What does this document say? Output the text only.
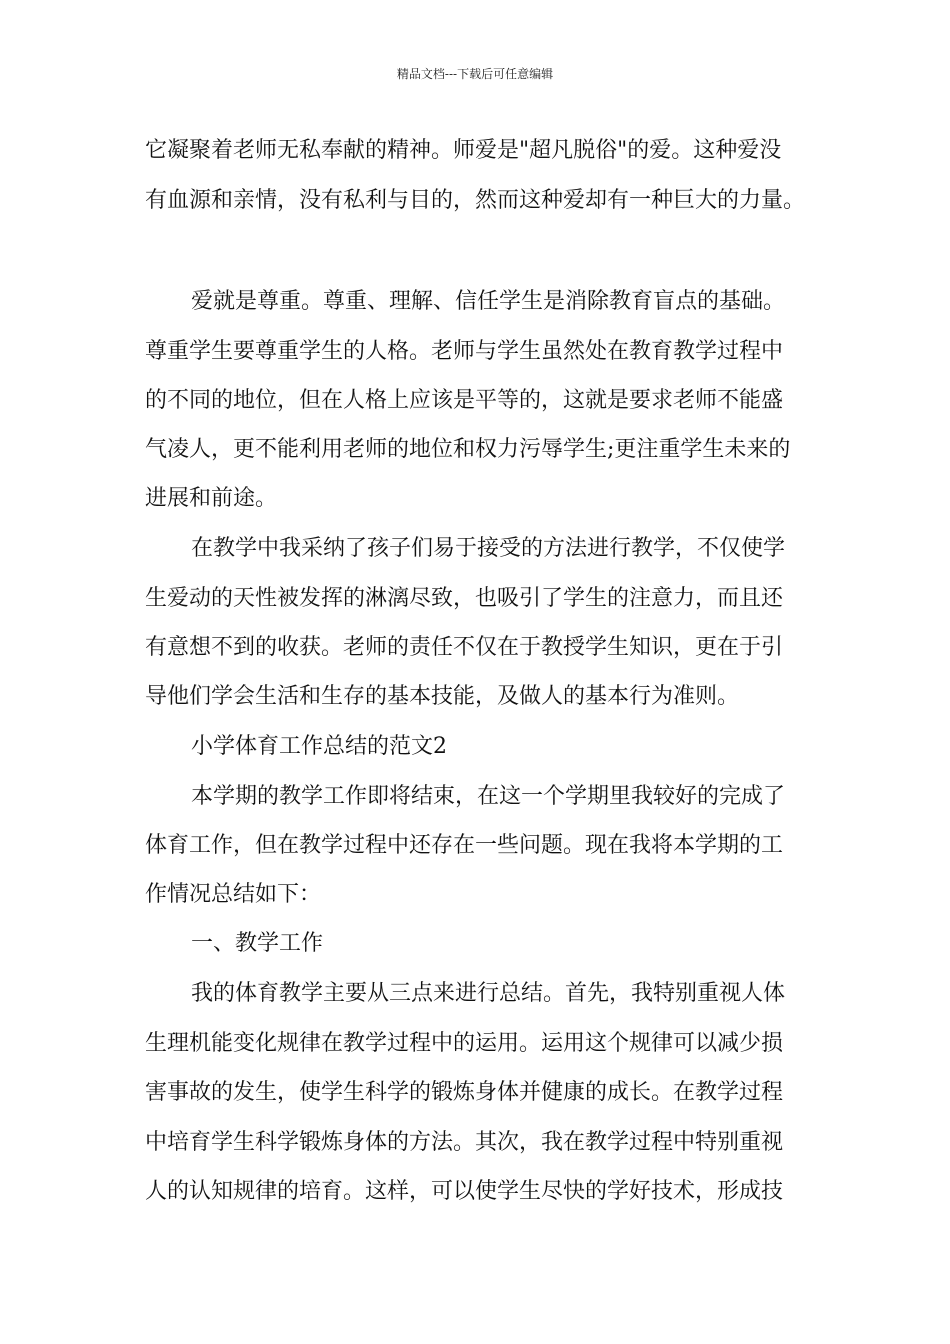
精品文档---下载后可任意编辑
它凝聚着老师无私奉献的精神。师爱是"超凡脱俗"的爱。这种爱没
有血源和亲情，没有私利与目的，然而这种爱却有一种巨大的力量。
爱就是尊重。尊重、理解、信任学生是消除教育盲点的基础。
尊重学生要尊重学生的人格。老师与学生虽然处在教育教学过程中
的不同的地位，但在人格上应该是平等的，这就是要求老师不能盛
气凌人，更不能利用老师的地位和权力污辱学生;更注重学生未来的
进展和前途。
在教学中我采纳了孩子们易于接受的方法进行教学，不仅使学
生爱动的天性被发挥的淋漓尽致，也吸引了学生的注意力，而且还
有意想不到的收获。老师的责任不仅在于教授学生知识，更在于引
导他们学会生活和生存的基本技能，及做人的基本行为准则。
小学体育工作总结的范文2
本学期的教学工作即将结束，在这一个学期里我较好的完成了
体育工作，但在教学过程中还存在一些问题。现在我将本学期的工
作情况总结如下：
一、教学工作
我的体育教学主要从三点来进行总结。首先，我特别重视人体
生理机能变化规律在教学过程中的运用。运用这个规律可以减少损
害事故的发生，使学生科学的锻炼身体并健康的成长。在教学过程
中培育学生科学锻炼身体的方法。其次，我在教学过程中特别重视
人的认知规律的培育。这样，可以使学生尽快的学好技术，形成技
